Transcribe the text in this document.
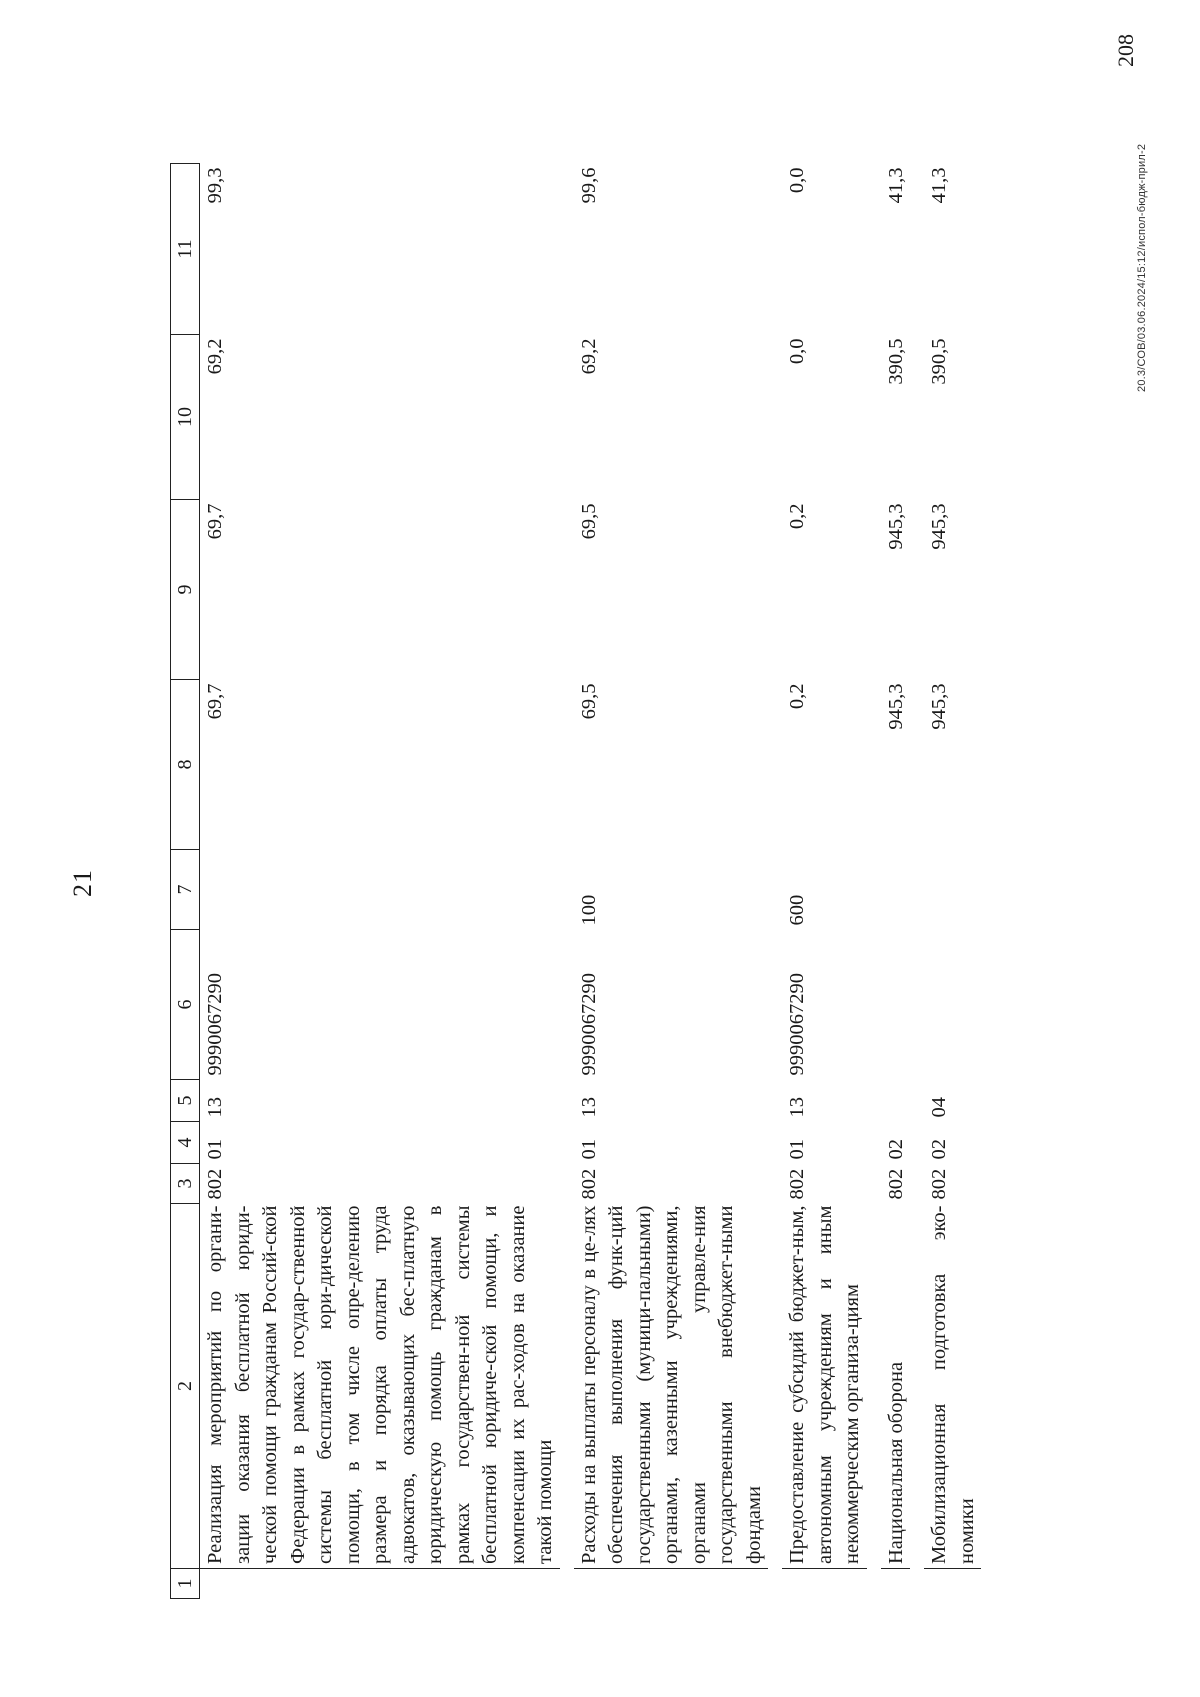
21
1	2	3	4	5	6	7	8	9	10	11
	Реализация мероприятий по органи-зации оказания бесплатной юриди-ческой помощи гражданам Россий-ской Федерации в рамках государ-ственной системы бесплатной юри-дической помощи, в том числе опре-делению размера и порядка оплаты труда адвокатов, оказывающих бес-платную юридическую помощь гражданам в рамках государствен-ной системы бесплатной юридиче-ской помощи, и компенсации их рас-ходов на оказание такой помощи	802	01	13	9990067290		69,7	69,7	69,2	99,3

	Расходы на выплаты персоналу в це-лях обеспечения выполнения функ-ций государственными (муници-пальными) органами, казенными учреждениями, органами управле-ния государственными внебюджет-ными фондами	802	01	13	9990067290	100	69,5	69,5	69,2	99,6

	Предоставление субсидий бюджет-ным, автономным учреждениям и иным некоммерческим организа-циям	802	01	13	9990067290	600	0,2	0,2	0,0	0,0

	Национальная оборона	802	02				945,3	945,3	390,5	41,3

	Мобилизационная подготовка эко-номики	802	02	04			945,3	945,3	390,5	41,3	20.3/СОВ/03.06.2024/15:12/испол-бюдж-прил-2
208
